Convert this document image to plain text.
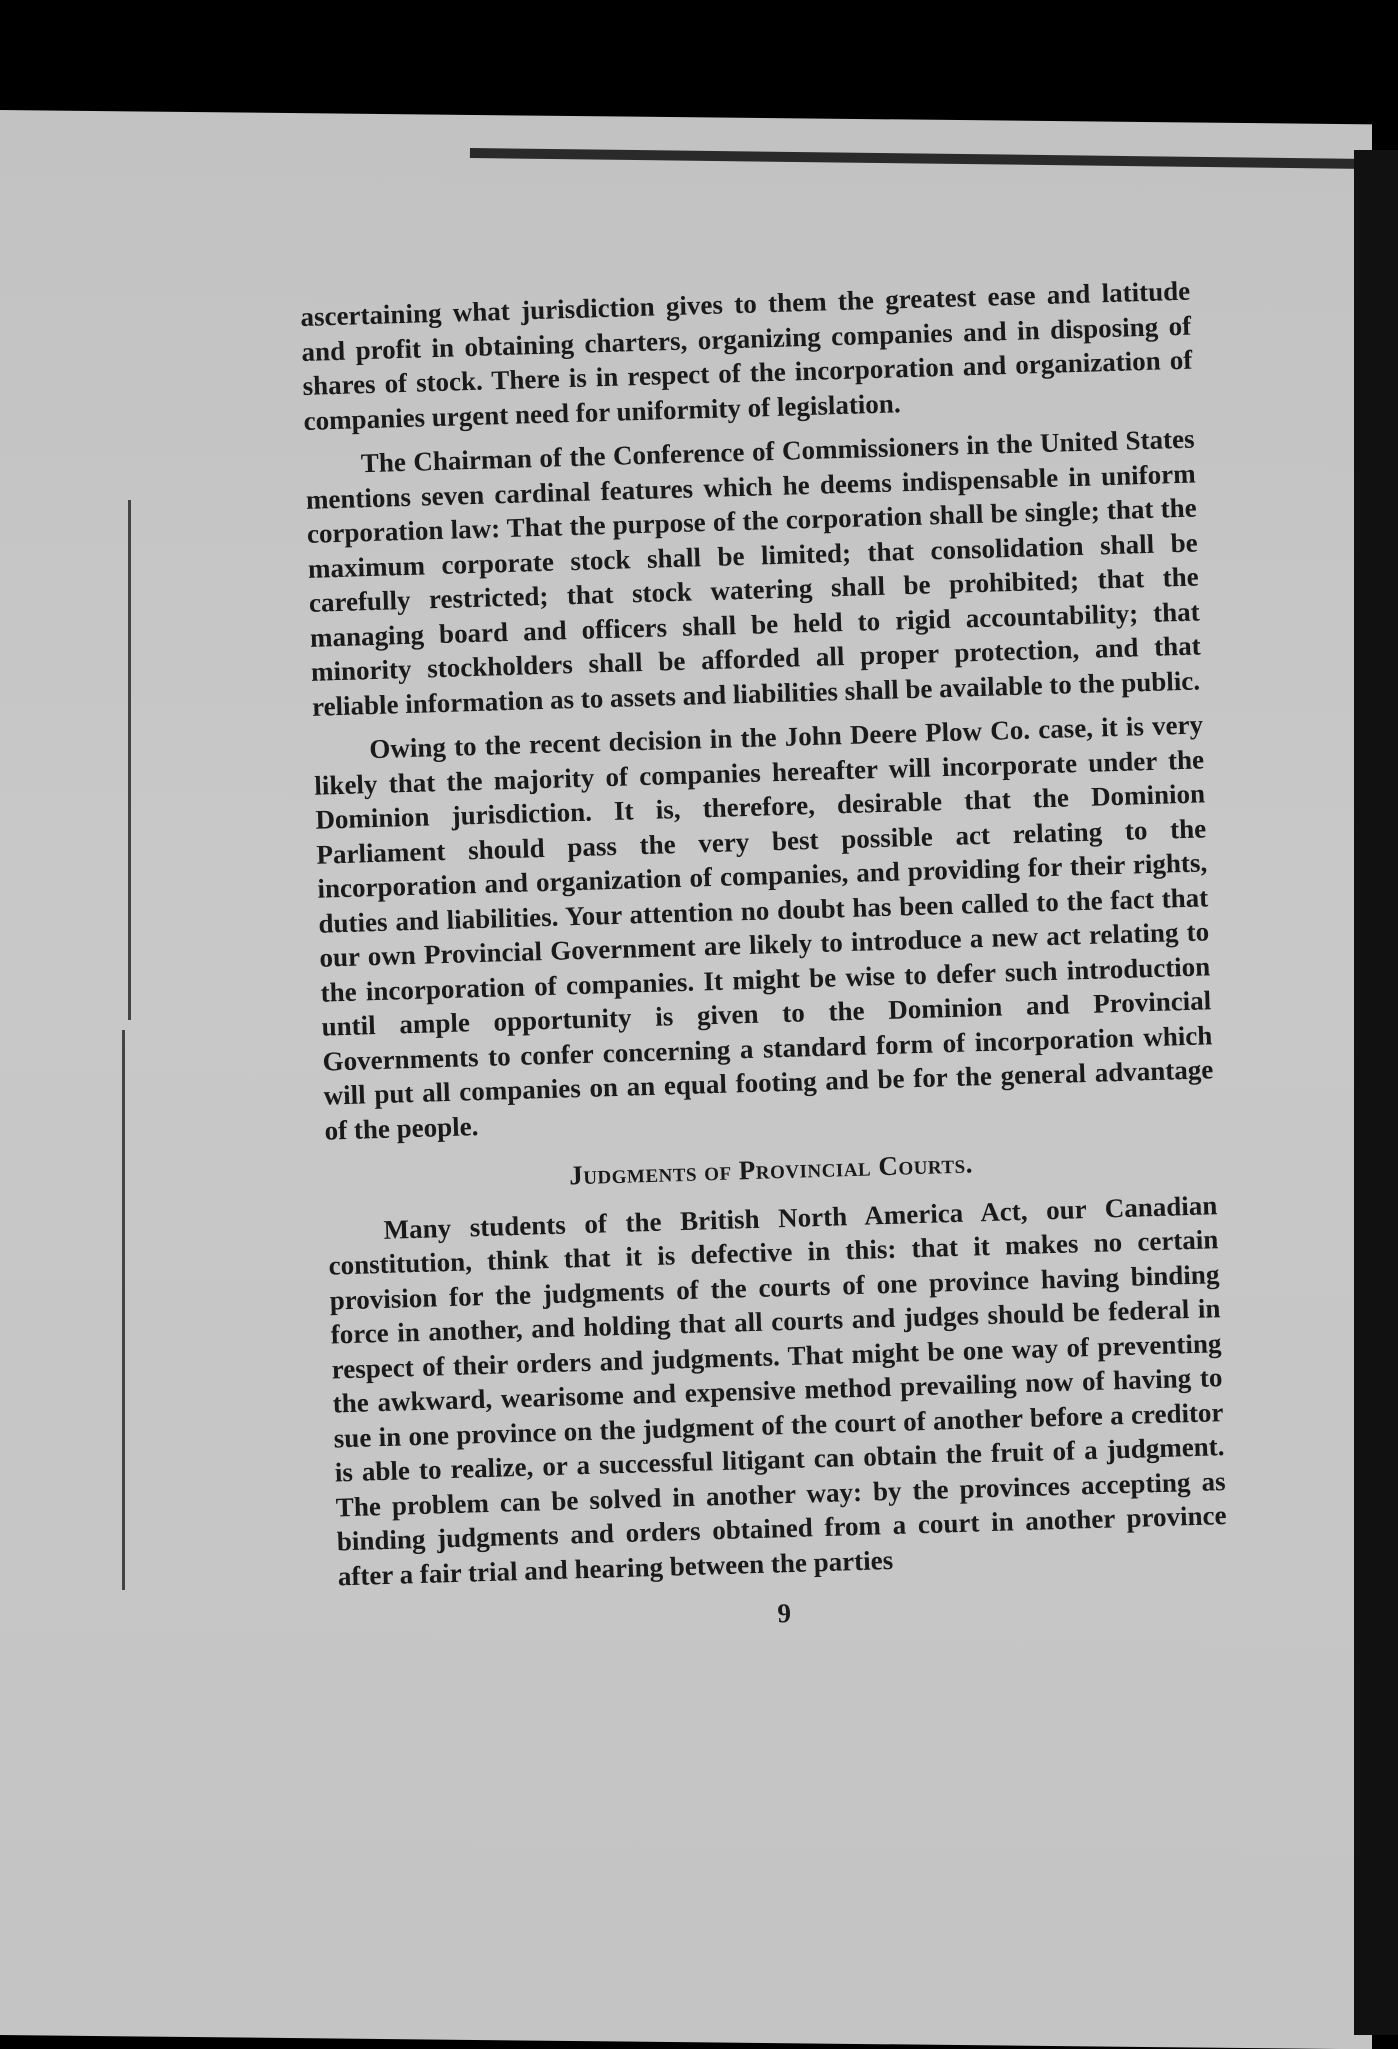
ascertaining what jurisdiction gives to them the greatest ease and latitude and profit in obtaining charters, organizing companies and in disposing of shares of stock. There is in respect of the incorporation and organization of companies urgent need for uniformity of legislation.

The Chairman of the Conference of Commissioners in the United States mentions seven cardinal features which he deems indispensable in uniform corporation law: That the purpose of the corporation shall be single; that the maximum corporate stock shall be limited; that consolidation shall be carefully restricted; that stock watering shall be prohibited; that the managing board and officers shall be held to rigid accountability; that minority stockholders shall be afforded all proper protection, and that reliable information as to assets and liabilities shall be available to the public.

Owing to the recent decision in the John Deere Plow Co. case, it is very likely that the majority of companies hereafter will incorporate under the Dominion jurisdiction. It is, therefore, desirable that the Dominion Parliament should pass the very best possible act relating to the incorporation and organization of companies, and providing for their rights, duties and liabilities. Your attention no doubt has been called to the fact that our own Provincial Government are likely to introduce a new act relating to the incorporation of companies. It might be wise to defer such introduction until ample opportunity is given to the Dominion and Provincial Governments to confer concerning a standard form of incorporation which will put all companies on an equal footing and be for the general advantage of the people.

Judgments of Provincial Courts.

Many students of the British North America Act, our Canadian constitution, think that it is defective in this: that it makes no certain provision for the judgments of the courts of one province having binding force in another, and holding that all courts and judges should be federal in respect of their orders and judgments. That might be one way of preventing the awkward, wearisome and expensive method prevailing now of having to sue in one province on the judgment of the court of another before a creditor is able to realize, or a successful litigant can obtain the fruit of a judgment. The problem can be solved in another way: by the provinces accepting as binding judgments and orders obtained from a court in another province after a fair trial and hearing between the parties

9
